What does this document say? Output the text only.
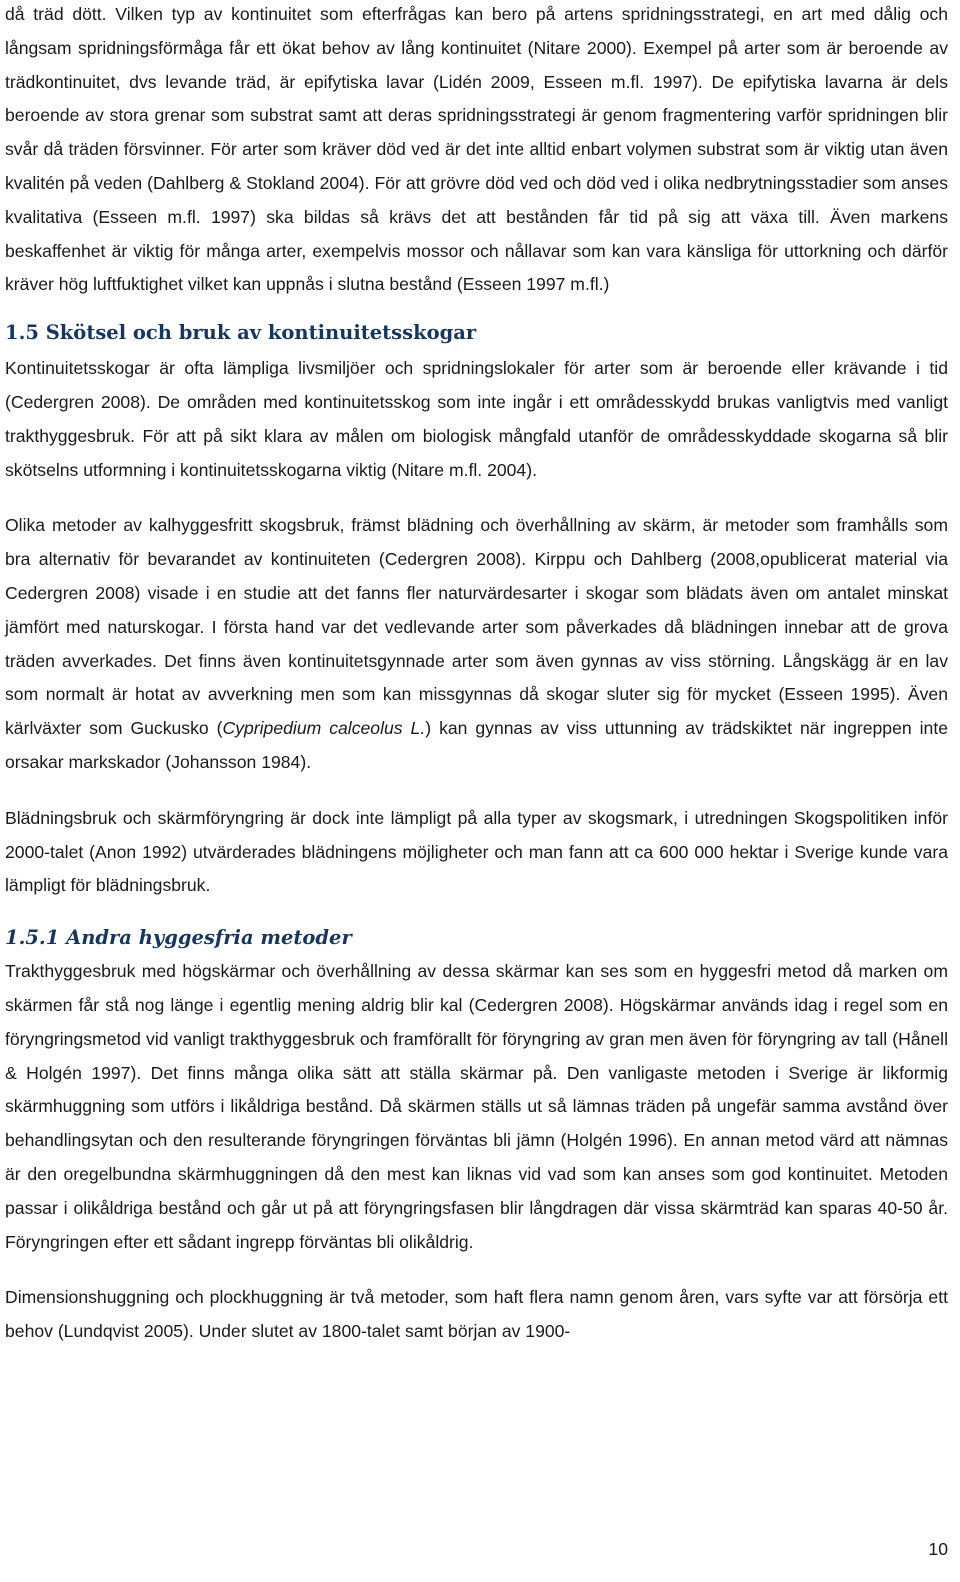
då träd dött. Vilken typ av kontinuitet som efterfrågas kan bero på artens spridningsstrategi, en art med dålig och långsam spridningsförmåga får ett ökat behov av lång kontinuitet (Nitare 2000). Exempel på arter som är beroende av trädkontinuitet, dvs levande träd, är epifytiska lavar (Lidén 2009, Esseen m.fl. 1997). De epifytiska lavarna är dels beroende av stora grenar som substrat samt att deras spridningsstrategi är genom fragmentering varför spridningen blir svår då träden försvinner. För arter som kräver död ved är det inte alltid enbart volymen substrat som är viktig utan även kvalitén på veden (Dahlberg & Stokland 2004). För att grövre död ved och död ved i olika nedbrytningsstadier som anses kvalitativa (Esseen m.fl. 1997) ska bildas så krävs det att bestånden får tid på sig att växa till. Även markens beskaffenhet är viktig för många arter, exempelvis mossor och nållavar som kan vara känsliga för uttorkning och därför kräver hög luftfuktighet vilket kan uppnås i slutna bestånd (Esseen 1997 m.fl.)

1.5 Skötsel och bruk av kontinuitetsskogar

Kontinuitetsskogar är ofta lämpliga livsmiljöer och spridningslokaler för arter som är beroende eller krävande i tid (Cedergren 2008). De områden med kontinuitetsskog som inte ingår i ett områdesskydd brukas vanligtvis med vanligt trakthyggesbruk. För att på sikt klara av målen om biologisk mångfald utanför de områdesskyddade skogarna så blir skötselns utformning i kontinuitetsskogarna viktig (Nitare m.fl. 2004).

Olika metoder av kalhyggesfritt skogsbruk, främst blädning och överhållning av skärm, är metoder som framhålls som bra alternativ för bevarandet av kontinuiteten (Cedergren 2008). Kirppu och Dahlberg (2008,opublicerat material via Cedergren 2008) visade i en studie att det fanns fler naturvärdesarter i skogar som blädats även om antalet minskat jämfört med naturskogar. I första hand var det vedlevande arter som påverkades då blädningen innebar att de grova träden avverkades. Det finns även kontinuitetsgynnade arter som även gynnas av viss störning. Långskägg är en lav som normalt är hotat av avverkning men som kan missgynnas då skogar sluter sig för mycket (Esseen 1995). Även kärlväxter som Guckusko (Cypripedium calceolus L.) kan gynnas av viss uttunning av trädskiktet när ingreppen inte orsakar markskador (Johansson 1984).

Blädningsbruk och skärmföryngring är dock inte lämpligt på alla typer av skogsmark, i utredningen Skogspolitiken inför 2000-talet (Anon 1992) utvärderades blädningens möjligheter och man fann att ca 600 000 hektar i Sverige kunde vara lämpligt för blädningsbruk.

1.5.1 Andra hyggesfria metoder

Trakthyggesbruk med högskärmar och överhållning av dessa skärmar kan ses som en hyggesfri metod då marken om skärmen får stå nog länge i egentlig mening aldrig blir kal (Cedergren 2008). Högskärmar används idag i regel som en föryngringsmetod vid vanligt trakthyggesbruk och framförallt för föryngring av gran men även för föryngring av tall (Hånell & Holgén 1997). Det finns många olika sätt att ställa skärmar på. Den vanligaste metoden i Sverige är likformig skärmhuggning som utförs i likåldriga bestånd. Då skärmen ställs ut så lämnas träden på ungefär samma avstånd över behandlingsytan och den resulterande föryngringen förväntas bli jämn (Holgén 1996). En annan metod värd att nämnas är den oregelbundna skärmhuggningen då den mest kan liknas vid vad som kan anses som god kontinuitet. Metoden passar i olikåldriga bestånd och går ut på att föryngringsfasen blir långdragen där vissa skärmträd kan sparas 40-50 år. Föryngringen efter ett sådant ingrepp förväntas bli olikåldrig.

Dimensionshuggning och plockhuggning är två metoder, som haft flera namn genom åren, vars syfte var att försörja ett behov (Lundqvist 2005). Under slutet av 1800-talet samt början av 1900-

10
